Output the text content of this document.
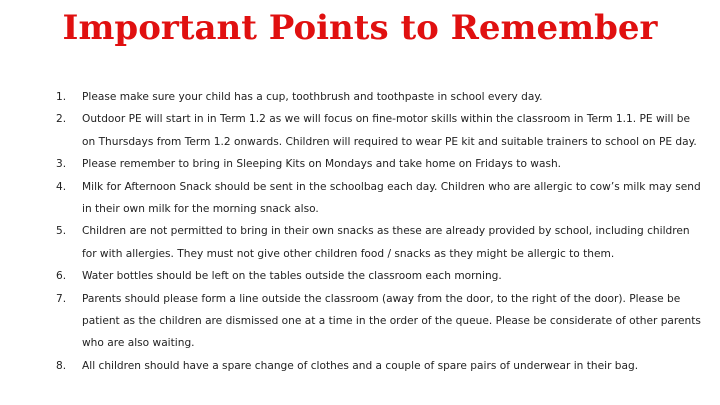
Important Points to Remember
1. Please make sure your child has a cup, toothbrush and toothpaste in school every day.
2. Outdoor PE will start in in Term 1.2 as we will focus on fine-motor skills within the classroom in Term 1.1. PE will be on Thursdays from Term 1.2 onwards. Children will required to wear PE kit and suitable trainers to school on PE day.
3. Please remember to bring in Sleeping Kits on Mondays and take home on Fridays to wash.
4. Milk for Afternoon Snack should be sent in the schoolbag each day. Children who are allergic to cow’s milk may send in their own milk for the morning snack also.
5. Children are not permitted to bring in their own snacks as these are already provided by school, including children for with allergies. They must not give other children food / snacks as they might be allergic to them.
6. Water bottles should be left on the tables outside the classroom each morning.
7. Parents should please form a line outside the classroom (away from the door, to the right of the door). Please be patient as the children are dismissed one at a time in the order of the queue. Please be considerate of other parents who are also waiting.
8. All children should have a spare change of clothes and a couple of spare pairs of underwear in their bag.
